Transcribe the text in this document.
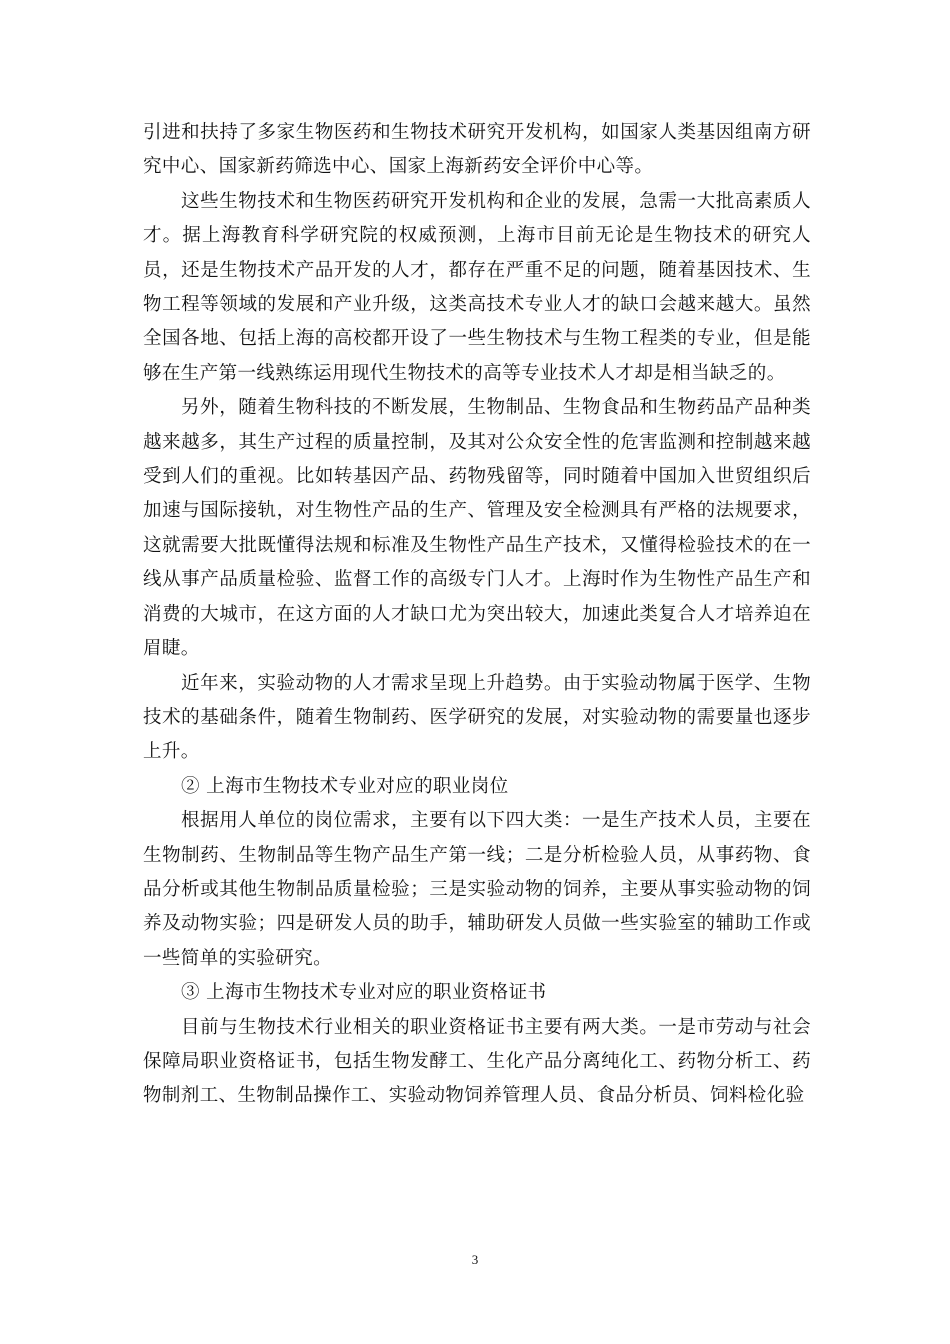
引进和扶持了多家生物医药和生物技术研究开发机构，如国家人类基因组南方研究中心、国家新药筛选中心、国家上海新药安全评价中心等。

这些生物技术和生物医药研究开发机构和企业的发展，急需一大批高素质人才。据上海教育科学研究院的权威预测，上海市目前无论是生物技术的研究人员，还是生物技术产品开发的人才，都存在严重不足的问题，随着基因技术、生物工程等领域的发展和产业升级，这类高技术专业人才的缺口会越来越大。虽然全国各地、包括上海的高校都开设了一些生物技术与生物工程类的专业，但是能够在生产第一线熟练运用现代生物技术的高等专业技术人才却是相当缺乏的。

另外，随着生物科技的不断发展，生物制品、生物食品和生物药品产品种类越来越多，其生产过程的质量控制，及其对公众安全性的危害监测和控制越来越受到人们的重视。比如转基因产品、药物残留等，同时随着中国加入世贸组织后加速与国际接轨，对生物性产品的生产、管理及安全检测具有严格的法规要求，这就需要大批既懂得法规和标准及生物性产品生产技术，又懂得检验技术的在一线从事产品质量检验、监督工作的高级专门人才。上海时作为生物性产品生产和消费的大城市，在这方面的人才缺口尤为突出较大，加速此类复合人才培养迫在眉睫。

近年来，实验动物的人才需求呈现上升趋势。由于实验动物属于医学、生物技术的基础条件，随着生物制药、医学研究的发展，对实验动物的需要量也逐步上升。

② 上海市生物技术专业对应的职业岗位

根据用人单位的岗位需求，主要有以下四大类：一是生产技术人员，主要在生物制药、生物制品等生物产品生产第一线；二是分析检验人员，从事药物、食品分析或其他生物制品质量检验；三是实验动物的饲养，主要从事实验动物的饲养及动物实验；四是研发人员的助手，辅助研发人员做一些实验室的辅助工作或一些简单的实验研究。

③ 上海市生物技术专业对应的职业资格证书

目前与生物技术行业相关的职业资格证书主要有两大类。一是市劳动与社会保障局职业资格证书，包括生物发酵工、生化产品分离纯化工、药物分析工、药物制剂工、生物制品操作工、实验动物饲养管理人员、食品分析员、饲料检化验

3
